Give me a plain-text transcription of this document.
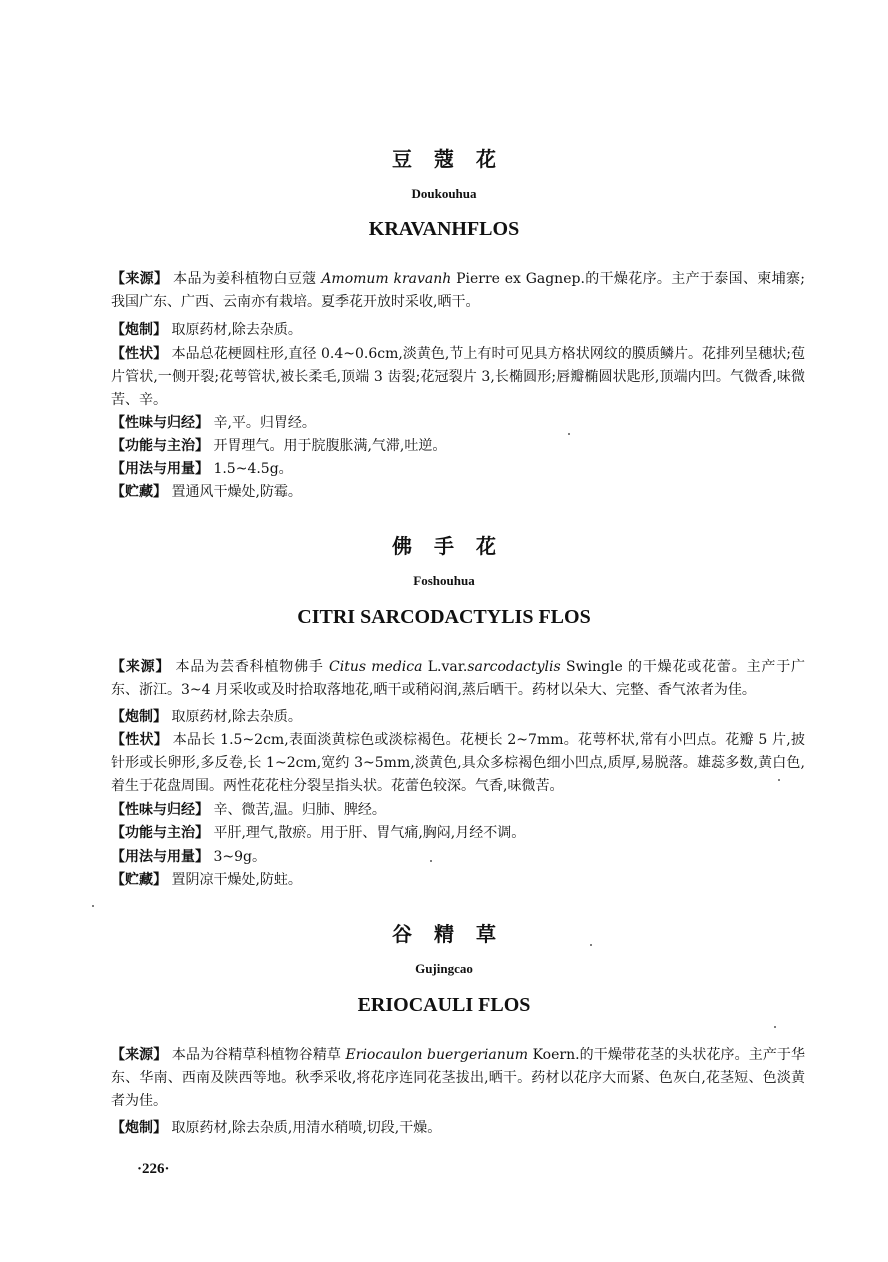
豆蔻花
Doukouhua
KRAVANHFLOS
【来源】 本品为姜科植物白豆蔻 Amomum kravanh Pierre ex Gagnep.的干燥花序。主产于泰国、柬埔寨;我国广东、广西、云南亦有栽培。夏季花开放时采收,晒干。
【炮制】 取原药材,除去杂质。
【性状】 本品总花梗圆柱形,直径 0.4~0.6cm,淡黄色,节上有时可见具方格状网纹的膜质鳞片。花排列呈穗状;苞片管状,一侧开裂;花萼管状,被长柔毛,顶端 3 齿裂;花冠裂片 3,长椭圆形;唇瓣椭圆状匙形,顶端内凹。气微香,味微苦、辛。
【性味与归经】 辛,平。归胃经。
【功能与主治】 开胃理气。用于脘腹胀满,气滞,吐逆。
【用法与用量】 1.5~4.5g。
【贮藏】 置通风干燥处,防霉。
佛手花
Foshouhua
CITRI SARCODACTYLIS FLOS
【来源】 本品为芸香科植物佛手 Citus medica L.var.sarcodactylis Swingle 的干燥花或花蕾。主产于广东、浙江。3~4 月采收或及时拾取落地花,晒干或稍闷润,蒸后晒干。药材以朵大、完整、香气浓者为佳。
【炮制】 取原药材,除去杂质。
【性状】 本品长 1.5~2cm,表面淡黄棕色或淡棕褐色。花梗长 2~7mm。花萼杯状,常有小凹点。花瓣 5 片,披针形或长卵形,多反卷,长 1~2cm,宽约 3~5mm,淡黄色,具众多棕褐色细小凹点,质厚,易脱落。雄蕊多数,黄白色,着生于花盘周围。两性花花柱分裂呈指头状。花蕾色较深。气香,味微苦。
【性味与归经】 辛、微苦,温。归肺、脾经。
【功能与主治】 平肝,理气,散瘀。用于肝、胃气痛,胸闷,月经不调。
【用法与用量】 3~9g。
【贮藏】 置阴凉干燥处,防蛀。
谷精草
Gujingcao
ERIOCAULI FLOS
【来源】 本品为谷精草科植物谷精草 Eriocaulon buergerianum Koern.的干燥带花茎的头状花序。主产于华东、华南、西南及陕西等地。秋季采收,将花序连同花茎拔出,晒干。药材以花序大而紧、色灰白,花茎短、色淡黄者为佳。
【炮制】 取原药材,除去杂质,用清水稍喷,切段,干燥。
·226·
